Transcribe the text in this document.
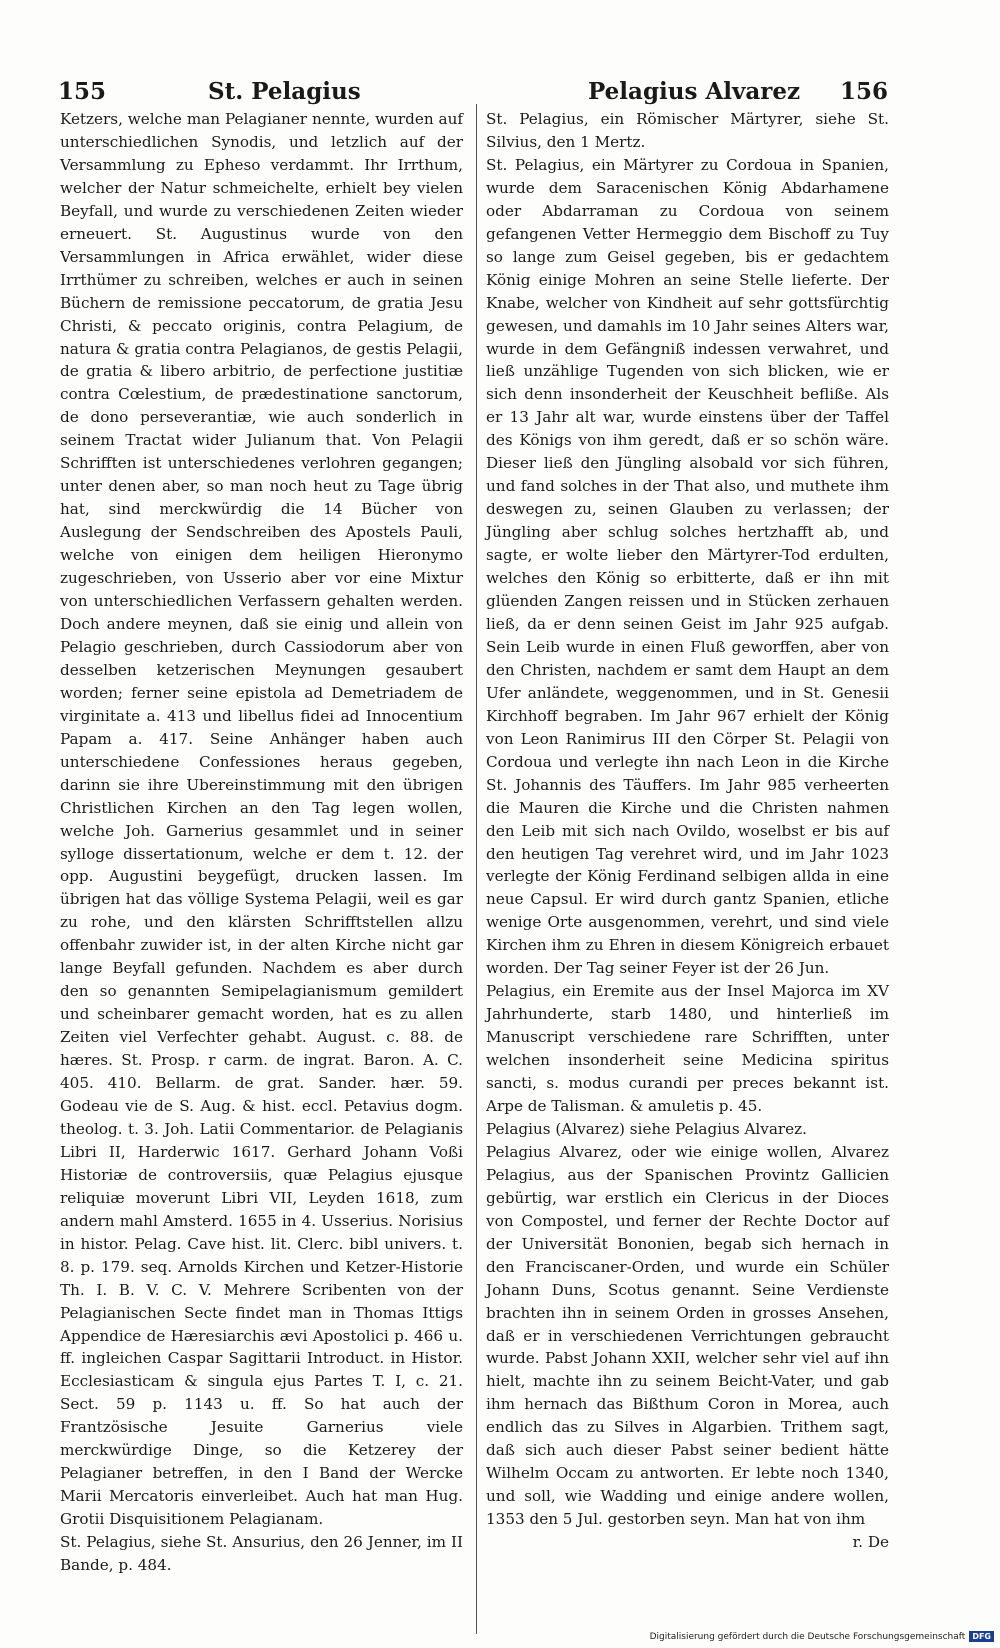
155	St. Pelagius	Pelagius Alvarez 156

Ketzers, welche man Pelagianer nennte, wurden auf unterschiedlichen Synodis, und letzlich auf der Versammlung zu Epheso verdammt. Ihr Irrthum, welcher der Natur schmeichelte, erhielt bey vielen Beyfall, und wurde zu verschiedenen Zeiten wieder erneuert. St. Augustinus wurde von den Versammlungen in Africa erwählet, wider diese Irrthümer zu schreiben, welches er auch in seinen Büchern de remissione peccatorum, de gratia Jesu Christi, & peccato originis, contra Pelagium, de natura & gratia contra Pelagianos, de gestis Pelagii, de gratia & libero arbitrio, de perfectione justitiæ contra Cœlestium, de prædestinatione sanctorum, de dono perseverantiæ, wie auch sonderlich in seinem Tractat wider Julianum that. Von Pelagii Schrifften ist unterschiedenes verlohren gegangen; unter denen aber, so man noch heut zu Tage übrig hat, sind merckwürdig die 14 Bücher von Auslegung der Sendschreiben des Apostels Pauli, welche von einigen dem heiligen Hieronymo zugeschrieben, von Usserio aber vor eine Mixtur von unterschiedlichen Verfassern gehalten werden. Doch andere meynen, daß sie einig und allein von Pelagio geschrieben, durch Cassiodorum aber von desselben ketzerischen Meynungen gesaubert worden; ferner seine epistola ad Demetriadem de virginitate a. 413 und libellus fidei ad Innocentium Papam a. 417. Seine Anhänger haben auch unterschiedene Confessiones heraus gegeben, darinn sie ihre Ubereinstimmung mit den übrigen Christlichen Kirchen an den Tag legen wollen, welche Joh. Garnerius gesammlet und in seiner sylloge dissertationum, welche er dem t. 12. der opp. Augustini beygefügt, drucken lassen. Im übrigen hat das völlige Systema Pelagii, weil es gar zu rohe, und den klärsten Schrifftstellen allzu offenbahr zuwider ist, in der alten Kirche nicht gar lange Beyfall gefunden. Nachdem es aber durch den so genannten Semipelagianismum gemildert und scheinbarer gemacht worden, hat es zu allen Zeiten viel Verfechter gehabt. August. c. 88. de hæres. St. Prosp. r carm. de ingrat. Baron. A. C. 405. 410. Bellarm. de grat. Sander. hær. 59. Godeau vie de S. Aug. & hist. eccl. Petavius dogm. theolog. t. 3. Joh. Latii Commentarior. de Pelagianis Libri II, Harderwic 1617. Gerhard Johann Voßi Historiæ de controversiis, quæ Pelagius ejusque reliquiæ moverunt Libri VII, Leyden 1618, zum andern mahl Amsterd. 1655 in 4. Usserius. Norisius in histor. Pelag. Cave hist. lit. Clerc. bibl univers. t. 8. p. 179. seq. Arnolds Kirchen und Ketzer-Historie Th. I. B. V. C. V. Mehrere Scribenten von der Pelagianischen Secte findet man in Thomas Ittigs Appendice de Hæresiarchis ævi Apostolici p. 466 u. ff. ingleichen Caspar Sagittarii Introduct. in Histor. Ecclesiasticam & singula ejus Partes T. I, c. 21. Sect. 59 p. 1143 u. ff. So hat auch der Frantzösische Jesuite Garnerius viele merckwürdige Dinge, so die Ketzerey der Pelagianer betreffen, in den I Band der Wercke Marii Mercatoris einverleibet. Auch hat man Hug. Grotii Disquisitionem Pelagianam.

St. Pelagius, siehe St. Ansurius, den 26 Jenner, im II Bande, p. 484.

St. Pelagius, ein Römischer Märtyrer, siehe St. Silvius, den 1 Mertz.

St. Pelagius, ein Märtyrer zu Cordoua in Spanien, wurde dem Saracenischen König Abdarhamene oder Abdarraman zu Cordoua von seinem gefangenen Vetter Hermeggio dem Bischoff zu Tuy so lange zum Geisel gegeben, bis er gedachtem König einige Mohren an seine Stelle lieferte. Der Knabe, welcher von Kindheit auf sehr gottsfürchtig gewesen, und damahls im 10 Jahr seines Alters war, wurde in dem Gefängniß indessen verwahret, und ließ unzählige Tugenden von sich blicken, wie er sich denn insonderheit der Keuschheit befliße. Als er 13 Jahr alt war, wurde einstens über der Taffel des Königs von ihm geredt, daß er so schön wäre. Dieser ließ den Jüngling alsobald vor sich führen, und fand solches in der That also, und muthete ihm deswegen zu, seinen Glauben zu verlassen; der Jüngling aber schlug solches hertzhafft ab, und sagte, er wolte lieber den Märtyrer-Tod erdulten, welches den König so erbitterte, daß er ihn mit glüenden Zangen reissen und in Stücken zerhauen ließ, da er denn seinen Geist im Jahr 925 aufgab. Sein Leib wurde in einen Fluß geworffen, aber von den Christen, nachdem er samt dem Haupt an dem Ufer anländete, weggenommen, und in St. Genesii Kirchhoff begraben. Im Jahr 967 erhielt der König von Leon Ranimirus III den Cörper St. Pelagii von Cordoua und verlegte ihn nach Leon in die Kirche St. Johannis des Täuffers. Im Jahr 985 verheerten die Mauren die Kirche und die Christen nahmen den Leib mit sich nach Ovildo, woselbst er bis auf den heutigen Tag verehret wird, und im Jahr 1023 verlegte der König Ferdinand selbigen allda in eine neue Capsul. Er wird durch gantz Spanien, etliche wenige Orte ausgenommen, verehrt, und sind viele Kirchen ihm zu Ehren in diesem Königreich erbauet worden. Der Tag seiner Feyer ist der 26 Jun.

Pelagius, ein Eremite aus der Insel Majorca im XV Jahrhunderte, starb 1480, und hinterließ im Manuscript verschiedene rare Schrifften, unter welchen insonderheit seine Medicina spiritus sancti, s. modus curandi per preces bekannt ist. Arpe de Talisman. & amuletis p. 45.

Pelagius (Alvarez) siehe Pelagius Alvarez.

Pelagius Alvarez, oder wie einige wollen, Alvarez Pelagius, aus der Spanischen Provintz Gallicien gebürtig, war erstlich ein Clericus in der Dioces von Compostel, und ferner der Rechte Doctor auf der Universität Bononien, begab sich hernach in den Franciscaner-Orden, und wurde ein Schüler Johann Duns, Scotus genannt. Seine Verdienste brachten ihn in seinem Orden in grosses Ansehen, daß er in verschiedenen Verrichtungen gebraucht wurde. Pabst Johann XXII, welcher sehr viel auf ihn hielt, machte ihn zu seinem Beicht-Vater, und gab ihm hernach das Bißthum Coron in Morea, auch endlich das zu Silves in Algarbien. Trithem sagt, daß sich auch dieser Pabst seiner bedient hätte Wilhelm Occam zu antworten. Er lebte noch 1340, und soll, wie Wadding und einige andere wollen, 1353 den 5 Jul. gestorben seyn. Man hat von ihm

r. De
Digitalisierung gefördert durch die Deutsche Forschungsgemeinschaft DFG
